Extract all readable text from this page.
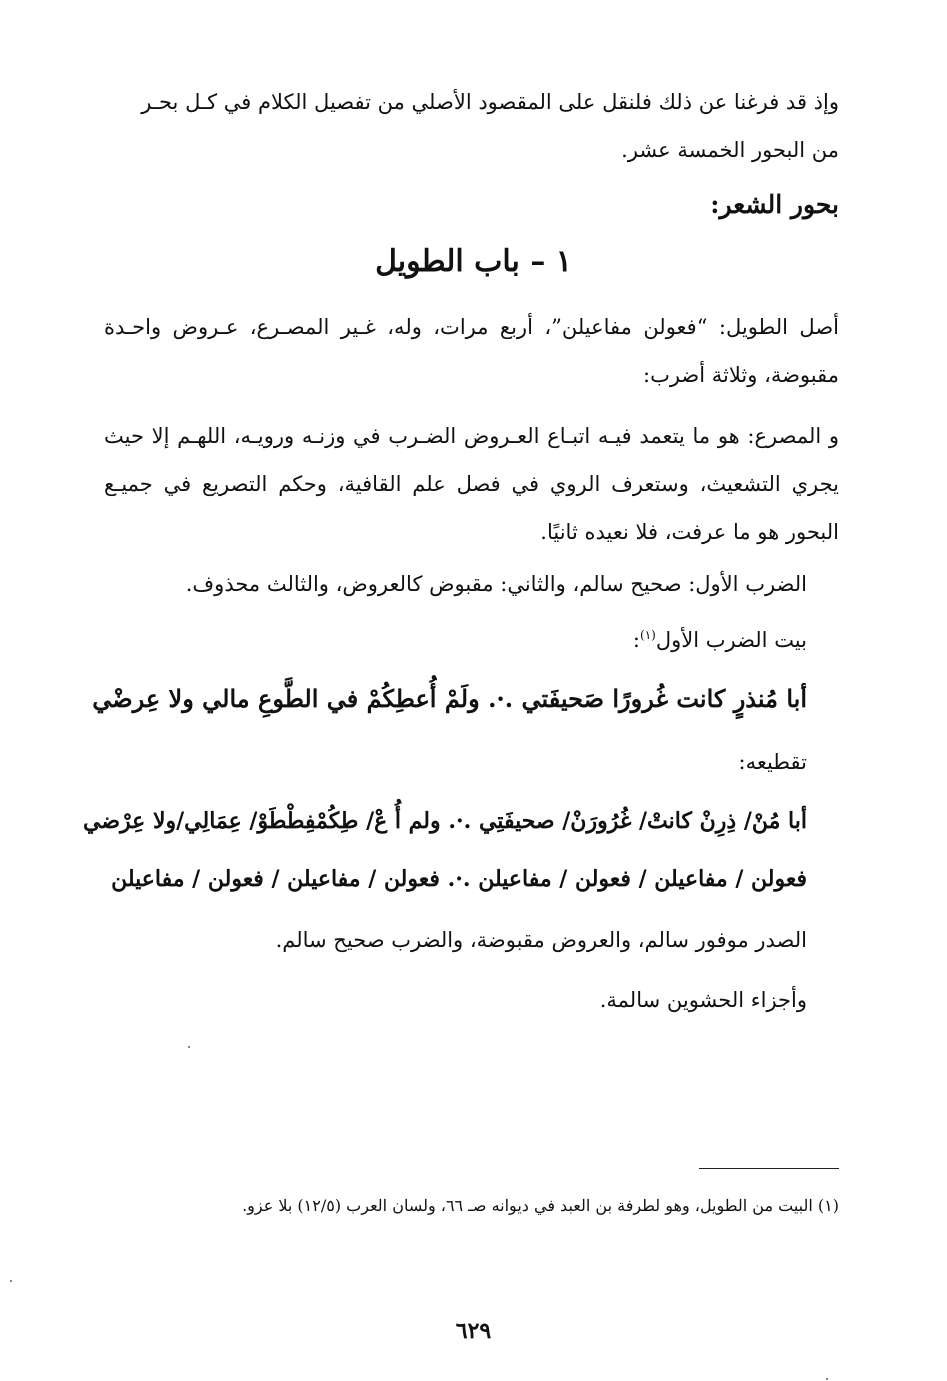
وإذ قد فرغنا عن ذلك فلنقل على المقصود الأصلي من تفصيل الكلام في كـل بحـر
من البحور الخمسة عشر.
بحور الشعر:
١ – باب الطويل
أصل الطويل: “فعولن مفاعيلن”، أربع مرات، وله، غـير المصـرع، عـروض واحـدة مقبوضة، وثلاثة أضرب:
و المصرع: هو ما يتعمد فيـه اتبـاع العـروض الضـرب في وزنـه ورويـه، اللهـم إلا حيث يجري التشعيث، وستعرف الروي في فصل علم القافية، وحكم التصريع في جميـع البحور هو ما عرفت، فلا نعيده ثانيًا.
الضرب الأول: صحيح سالم، والثاني: مقبوض كالعروض، والثالث محذوف.
بيت الضرب الأول$^{(١)}$:
أبا مُنذرٍ كانت غُرورًا صَحيفَتي .·. ولَمْ أُعطِكُمْ في الطَّوعِ مالي ولا عِرضْي
تقطيعه:
أبا مُنْ/ ذِرِنْ كانتْ/ غُرُورَنْ/ صحيفَتِي .·. ولم أُ عْ/ طِكُمْفِطْطَوْ/ عِمَالِي/ولا عِرْضي
فعولن / مفاعيلن / فعولن / مفاعيلن .·. فعولن / مفاعيلن / فعولن / مفاعيلن
الصدر موفور سالم، والعروض مقبوضة، والضرب صحيح سالم.
وأجزاء الحشوين سالمة.
(١) البيت من الطويل، وهو لطرفة بن العبد في ديوانه صـ ٦٦، ولسان العرب (١٢/٥) بلا عزو.
٦٢٩
